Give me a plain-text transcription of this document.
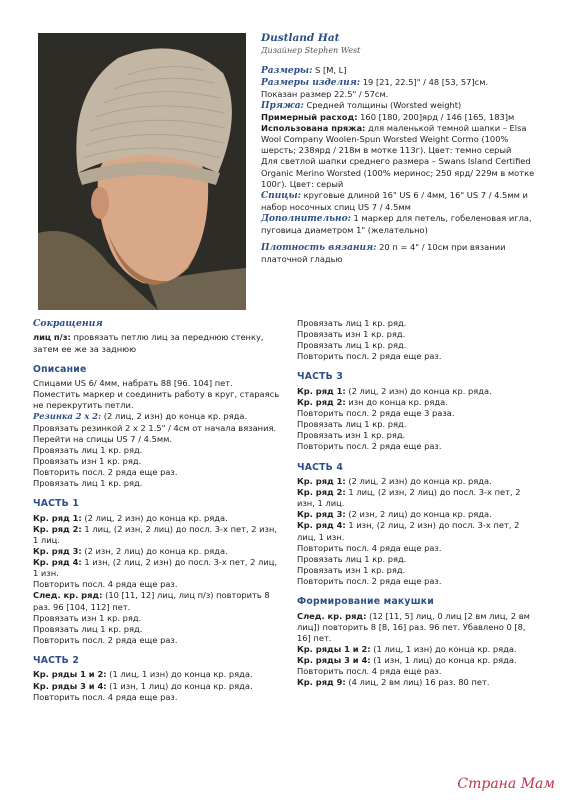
Dustland Hat

Дизайнер Stephen West

Размеры: S [M, L]

Размеры изделия: 19 [21, 22.5]" / 48 [53, 57]см.

Показан размер 22.5" / 57см.

Пряжа: Средней толщины (Worsted weight)

Примерный расход: 160 [180, 200]ярд / 146 [165, 183]м

Использована пряжа: для маленькой темной шапки – Elsa Wool Company Woolen-Spun Worsted Weight Cormo (100% шерсть; 238ярд / 218м в мотке 113г). Цвет: темно серый

Для светлой шапки среднего размера – Swans Island Certified Organic Merino Worsted (100% меринос; 250 ярд/ 229м в мотке 100г). Цвет: серый

Спицы: круговые длиной 16" US 6 / 4мм, 16" US 7 / 4.5мм и набор носочных спиц US 7 / 4.5мм

Дополнительно: 1 маркер для петель, гобеленовая игла, пуговица диаметром 1" (желательно)

Плотность вязания: 20 п = 4" / 10см при вязании платочной гладью

Сокращения

лиц п/з: провязать петлю лиц за переднюю стенку, затем ее же за заднюю

Описание

Спицами US 6/ 4мм, набрать 88 [96. 104] пет.

Поместить маркер и соединить работу в круг, стараясь не перекрутить петли.

Резинка 2 х 2: (2 лиц, 2 изн) до конца кр. ряда.

Провязать резинкой 2 х 2 1.5" / 4см от начала вязания. Перейти на спицы US 7 / 4.5мм.

Провязать лиц 1 кр. ряд.

Провязать изн 1 кр. ряд.

Повторить посл. 2 ряда еще раз.

Провязать лиц 1 кр. ряд.

ЧАСТЬ 1

Кр. ряд 1: (2 лиц, 2 изн) до конца кр. ряда.

Кр. ряд 2: 1 лиц, (2 изн, 2 лиц) до посл. 3-х пет, 2 изн, 1 лиц.

Кр. ряд 3: (2 изн, 2 лиц) до конца кр. ряда.

Кр. ряд 4: 1 изн, (2 лиц, 2 изн) до посл. 3-х пет, 2 лиц, 1 изн.

Повторить посл. 4 ряда еще раз.

След. кр. ряд: (10 [11, 12] лиц, лиц п/з) повторить 8 раз. 96 [104, 112] пет.

Провязать изн 1 кр. ряд.

Провязать лиц 1 кр. ряд.

Повторить посл. 2 ряда еще раз.

ЧАСТЬ 2

Кр. ряды 1 и 2: (1 лиц, 1 изн) до конца кр. ряда.

Кр. ряды 3 и 4: (1 изн, 1 лиц) до конца кр. ряда.

Повторить посл. 4 ряда еще раз.

Провязать лиц 1 кр. ряд.

Провязать изн 1 кр. ряд.

Провязать лиц 1 кр. ряд.

Повторить посл. 2 ряда еще раз.

ЧАСТЬ 3

Кр. ряд 1: (2 лиц, 2 изн) до конца кр. ряда.

Кр. ряд 2: изн до конца кр. ряда.

Повторить посл. 2 ряда еще 3 раза.

Провязать лиц 1 кр. ряд.

Провязать изн 1 кр. ряд.

Повторить посл. 2 ряда еще раз.

ЧАСТЬ 4

Кр. ряд 1: (2 лиц, 2 изн) до конца кр. ряда.

Кр. ряд 2: 1 лиц, (2 изн, 2 лиц) до посл. 3-х пет, 2 изн, 1 лиц.

Кр. ряд 3: (2 изн, 2 лиц) до конца кр. ряда.

Кр. ряд 4: 1 изн, (2 лиц, 2 изн) до посл. 3-х пет, 2 лиц, 1 изн.

Повторить посл. 4 ряда еще раз.

Провязать лиц 1 кр. ряд.

Провязать изн 1 кр. ряд.

Повторить посл. 2 ряда еще раз.

Формирование макушки

След. кр. ряд: (12 [11, 5] лиц, 0 лиц [2 вм лиц, 2 вм лиц]) повторить 8 [8, 16] раз. 96 пет. Убавлено 0 [8, 16] пет.

Кр. ряды 1 и 2: (1 лиц, 1 изн) до конца кр. ряда.

Кр. ряды 3 и 4: (1 изн, 1 лиц) до конца кр. ряда.

Повторить посл. 4 ряда еще раз.

Кр. ряд 9: (4 лиц, 2 вм лиц) 16 раз. 80 пет.

Страна Мам
